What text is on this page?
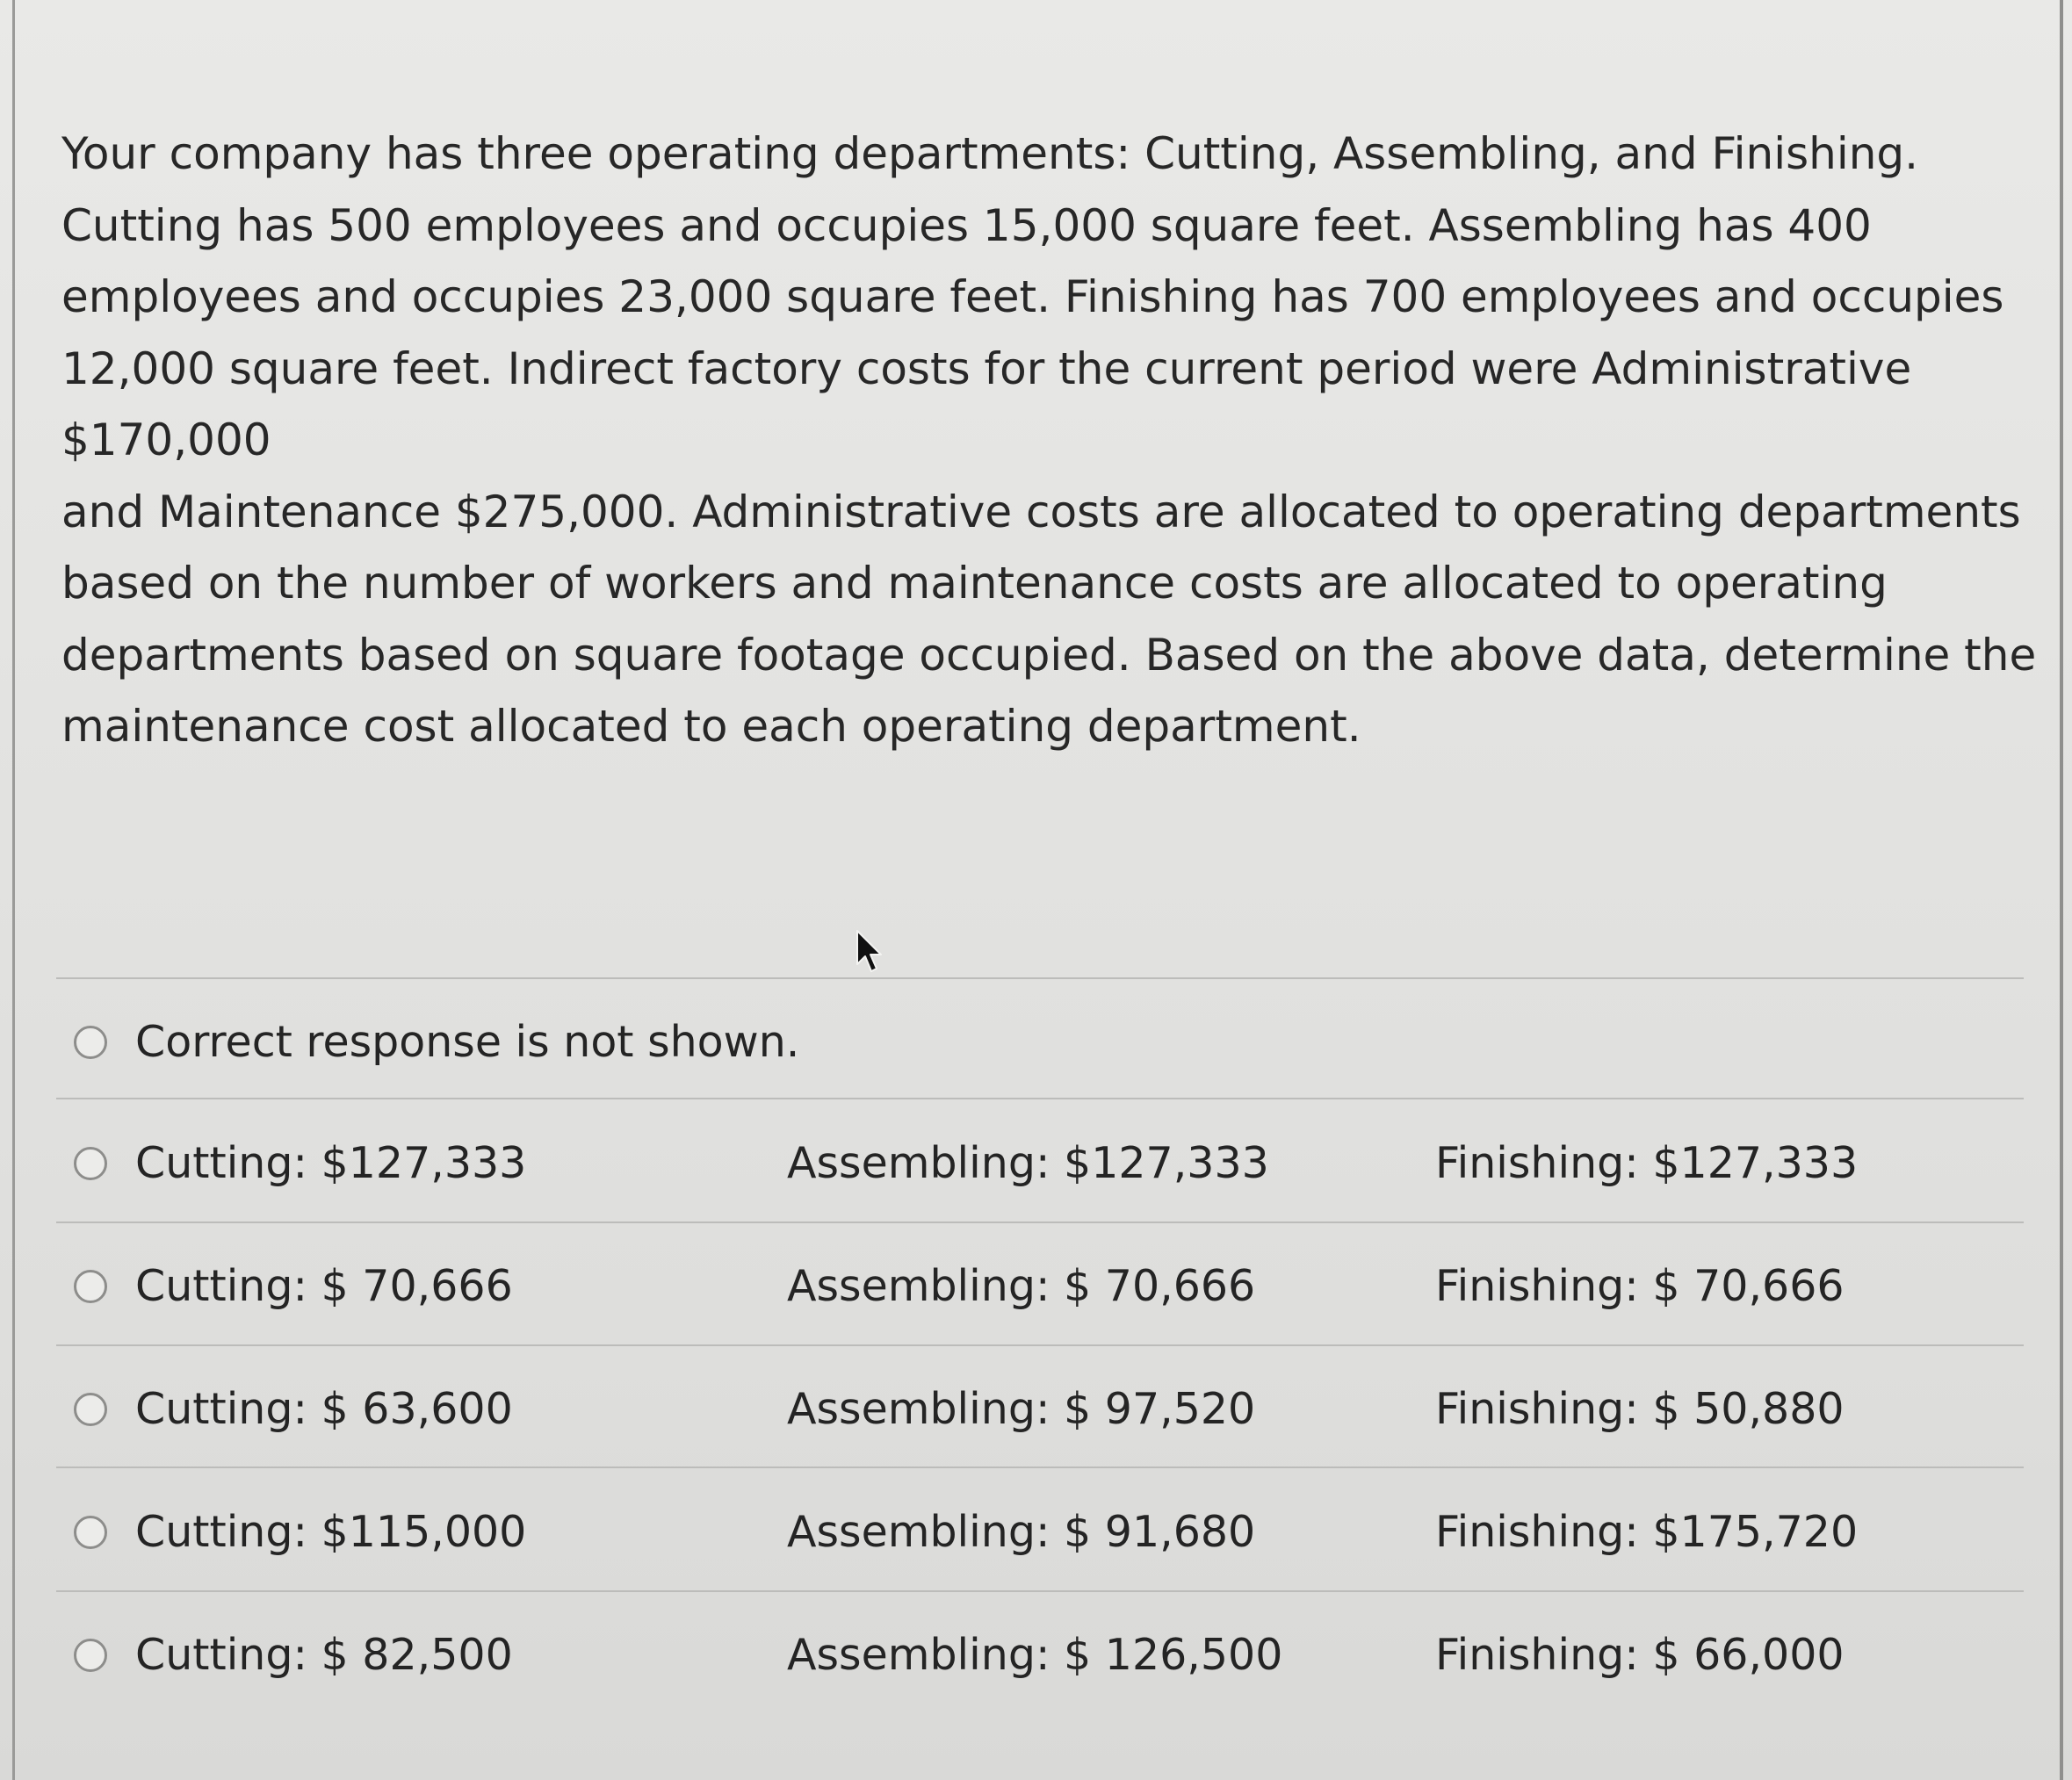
Your company has three operating departments: Cutting, Assembling, and Finishing.
Cutting has 500 employees and occupies 15,000 square feet. Assembling has 400
employees and occupies 23,000 square feet. Finishing has 700 employees and occupies
12,000 square feet. Indirect factory costs for the current period were Administrative
$170,000
and Maintenance $275,000. Administrative costs are allocated to operating departments
based on the number of workers and maintenance costs are allocated to operating
departments based on square footage occupied. Based on the above data, determine the
maintenance cost allocated to each operating department.
Correct response is not shown.
Cutting: $127,333	Assembling: $127,333	Finishing: $127,333
Cutting: $ 70,666	Assembling: $ 70,666	Finishing: $ 70,666
Cutting: $ 63,600	Assembling: $ 97,520	Finishing: $ 50,880
Cutting: $115,000	Assembling: $ 91,680	Finishing: $175,720
Cutting: $ 82,500	Assembling: $ 126,500	Finishing: $ 66,000
